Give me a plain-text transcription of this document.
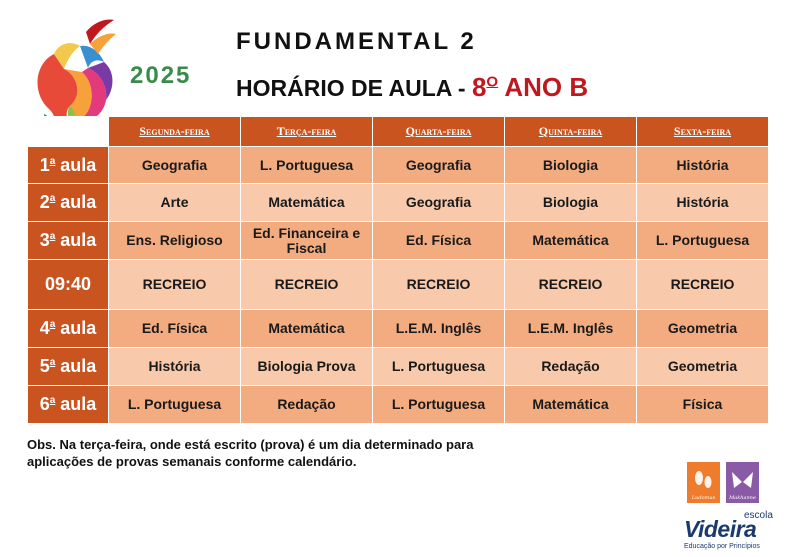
FUNDAMENTAL 2
2025 HORÁRIO DE AULA - $8^O$ ANO B
	Segunda-feira	Terça-feira	Quarta-feira	Quinta-feira	Sexta-feira
1$^a$ aula	Geografia	L. Portuguesa	Geografia	Biologia	História
2$^a$ aula	Arte	Matemática	Geografia	Biologia	História
3$^a$ aula	Ens. Religioso	Ed. Financeira e Fiscal	Ed. Física	Matemática	L. Portuguesa
09:40	RECREIO	RECREIO	RECREIO	RECREIO	RECREIO
4$^a$ aula	Ed. Física	Matemática	L.E.M. Inglês	L.E.M. Inglês	Geometria
5$^a$ aula	História	Biologia Prova	L. Portuguesa	Redação	Geometria
6$^a$ aula	L. Portuguesa	Redação	L. Portuguesa	Matemática	Física
Obs. Na terça-feira, onde está escrito (prova) é um dia determinado para
aplicações de provas semanais conforme calendário.
Ludomus	Makhanne
escola
Videira
Educação por Princípios
